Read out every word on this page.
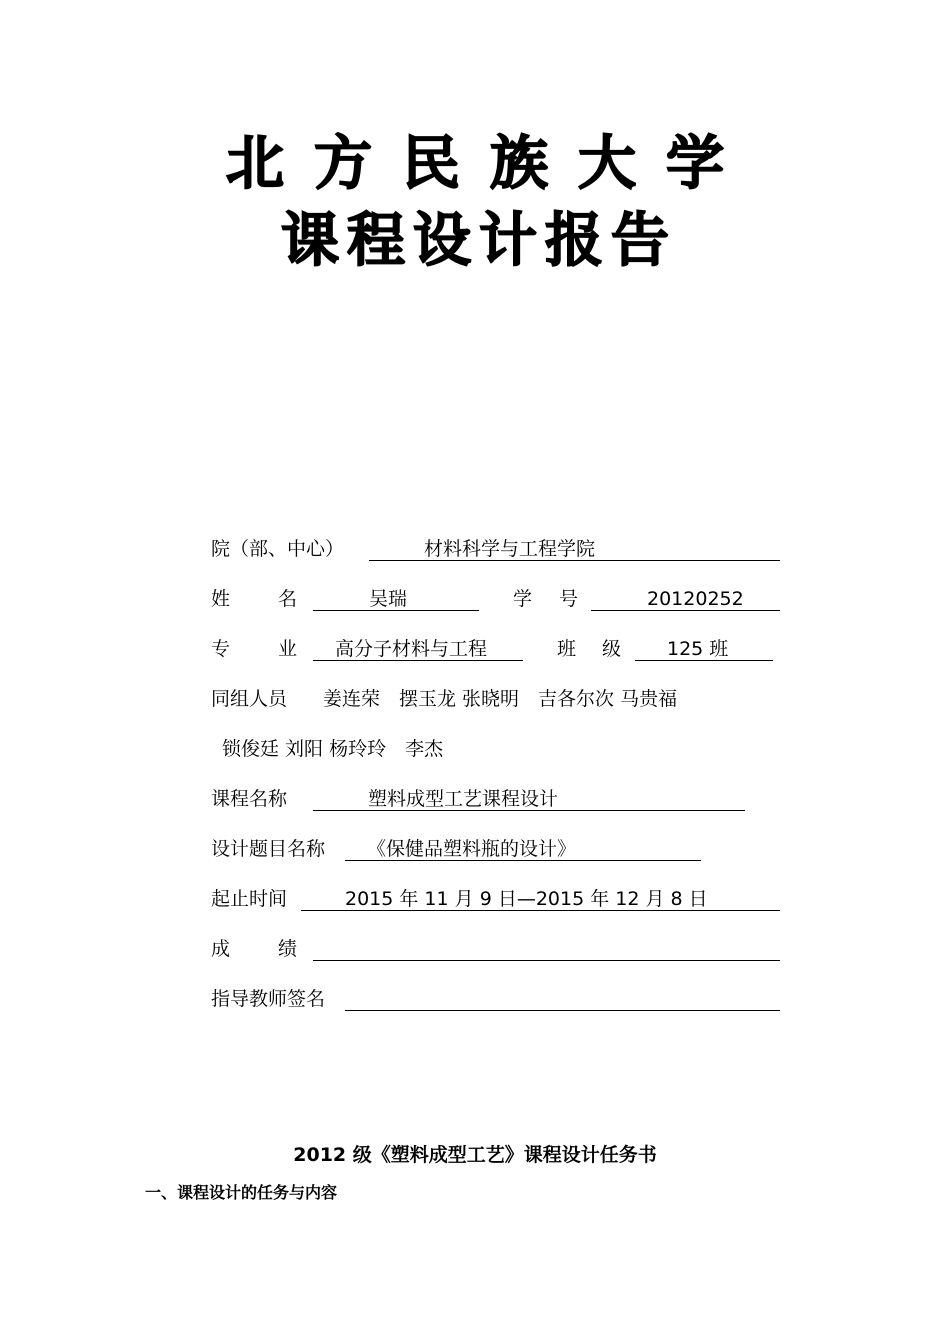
北方民族大学
课程设计报告
院（部、中心）	材料科学与工程学院
姓	名	吴瑞	学 号	20120252
专	业 高分子材料与工程	班 级 125 班
同组人员 姜连荣　摆玉龙 张晓明　吉各尔次 马贵福
锁俊廷 刘阳 杨玲玲　李杰
课程名称	塑料成型工艺课程设计
设计题目名称 《保健品塑料瓶的设计》
起止时间	2015 年 11 月 9 日—2015 年 12 月 8 日
成	绩
指导教师签名
2012 级《塑料成型工艺》课程设计任务书
一、课程设计的任务与内容
